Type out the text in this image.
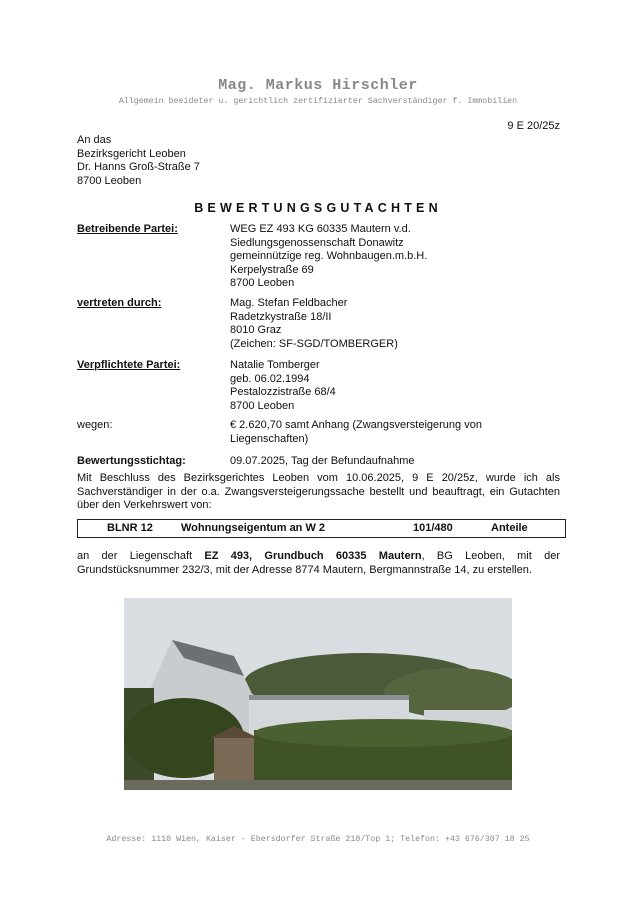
Mag. Markus Hirschler
Allgemein beeideter u. gerichtlich zertifizierter Sachverständiger f. Immobilien
9 E 20/25z
An das
Bezirksgericht Leoben
Dr. Hanns Groß-Straße 7
8700 Leoben
BEWERTUNGSGUTACHTEN
Betreibende Partei:	WEG EZ 493 KG 60335 Mautern v.d.
Siedlungsgenossenschaft Donawitz
gemeinnützige reg. Wohnbaugen.m.b.H.
Kerpelystraße 69
8700 Leoben
vertreten durch:	Mag. Stefan Feldbacher
Radetzkystraße 18/II
8010 Graz
(Zeichen: SF-SGD/TOMBERGER)
Verpflichtete Partei:	Natalie Tomberger
geb. 06.02.1994
Pestalozzistraße 68/4
8700 Leoben
wegen:	€ 2.620,70 samt Anhang (Zwangsversteigerung von
Liegenschaften)
Bewertungsstichtag:	09.07.2025, Tag der Befundaufnahme
Mit Beschluss des Bezirksgerichtes Leoben vom 10.06.2025, 9 E 20/25z, wurde ich als Sachverständiger in der o.a. Zwangsversteigerungssache bestellt und beauftragt, ein Gutachten über den Verkehrswert von:
BLNR 12	Wohnungseigentum an W 2	101/480	Anteile
an der Liegenschaft EZ 493, Grundbuch 60335 Mautern, BG Leoben, mit der Grundstücksnummer 232/3, mit der Adresse 8774 Mautern, Bergmannstraße 14, zu erstellen.
Adresse: 1110 Wien, Kaiser - Ebersdorfer Straße 218/Top 1; Telefon: +43 676/307 18 25
